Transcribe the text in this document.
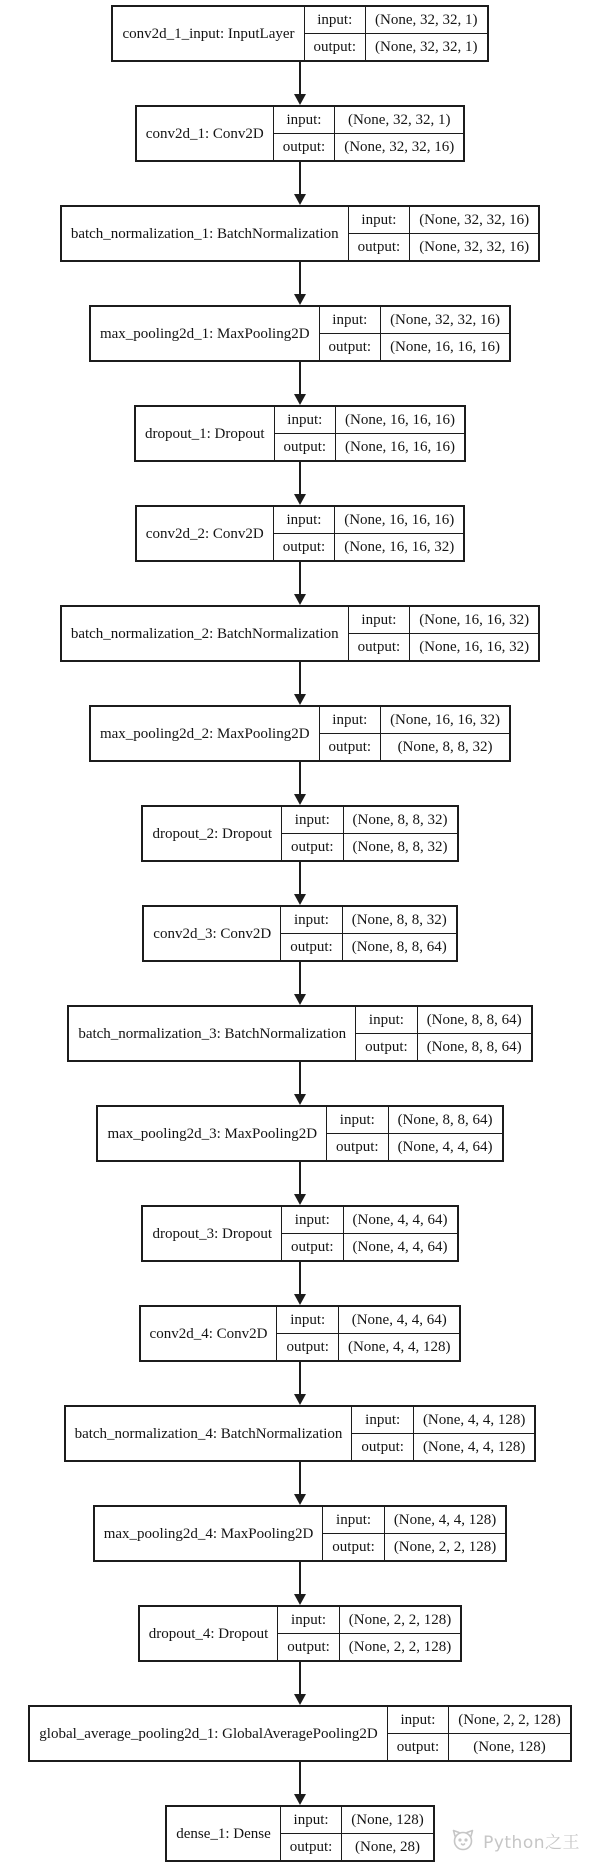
conv2d_1_input: InputLayer	input:	(None, 32, 32, 1)
	output:	(None, 32, 32, 1)
conv2d_1: Conv2D	input:	(None, 32, 32, 1)
	output:	(None, 32, 32, 16)
batch_normalization_1: BatchNormalization	input:	(None, 32, 32, 16)
	output:	(None, 32, 32, 16)
max_pooling2d_1: MaxPooling2D	input:	(None, 32, 32, 16)
	output:	(None, 16, 16, 16)
dropout_1: Dropout	input:	(None, 16, 16, 16)
	output:	(None, 16, 16, 16)
conv2d_2: Conv2D	input:	(None, 16, 16, 16)
	output:	(None, 16, 16, 32)
batch_normalization_2: BatchNormalization	input:	(None, 16, 16, 32)
	output:	(None, 16, 16, 32)
max_pooling2d_2: MaxPooling2D	input:	(None, 16, 16, 32)
	output:	(None, 8, 8, 32)
dropout_2: Dropout	input:	(None, 8, 8, 32)
	output:	(None, 8, 8, 32)
conv2d_3: Conv2D	input:	(None, 8, 8, 32)
	output:	(None, 8, 8, 64)
batch_normalization_3: BatchNormalization	input:	(None, 8, 8, 64)
	output:	(None, 8, 8, 64)
max_pooling2d_3: MaxPooling2D	input:	(None, 8, 8, 64)
	output:	(None, 4, 4, 64)
dropout_3: Dropout	input:	(None, 4, 4, 64)
	output:	(None, 4, 4, 64)
conv2d_4: Conv2D	input:	(None, 4, 4, 64)
	output:	(None, 4, 4, 128)
batch_normalization_4: BatchNormalization	input:	(None, 4, 4, 128)
	output:	(None, 4, 4, 128)
max_pooling2d_4: MaxPooling2D	input:	(None, 4, 4, 128)
	output:	(None, 2, 2, 128)
dropout_4: Dropout	input:	(None, 2, 2, 128)
	output:	(None, 2, 2, 128)
global_average_pooling2d_1: GlobalAveragePooling2D	input:	(None, 2, 2, 128)
	output:	(None, 128)
dense_1: Dense	input:	(None, 128)
	output:	(None, 28)	Python之王
